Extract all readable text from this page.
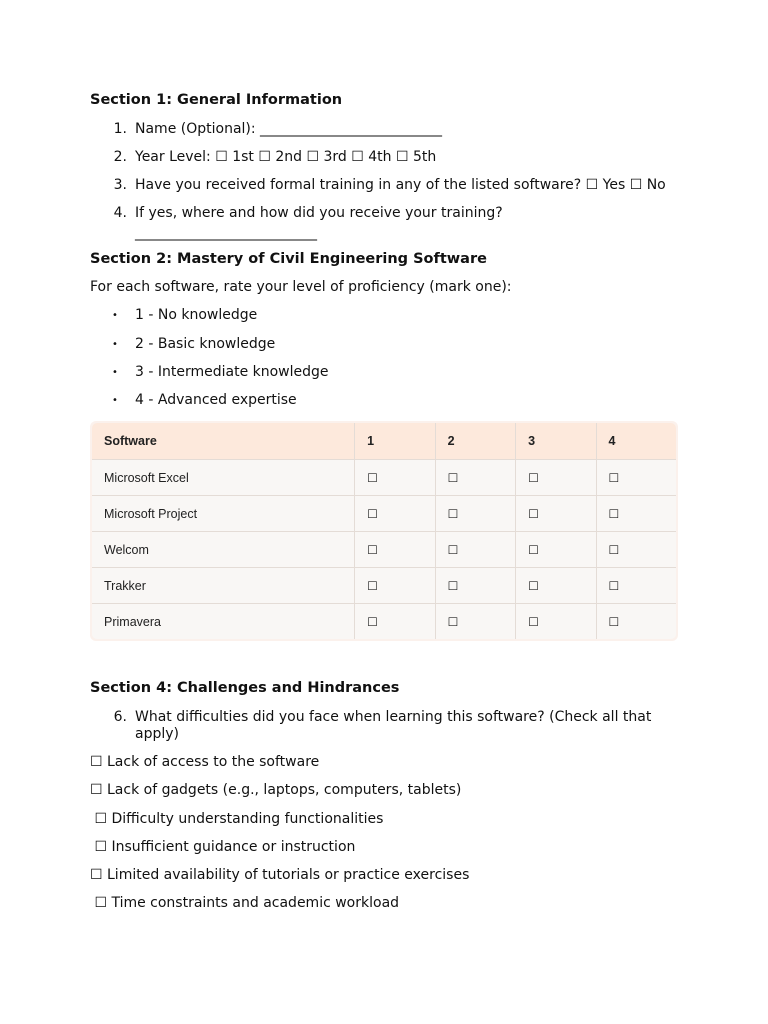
Section 1: General Information
1. Name (Optional): __________________________
2. Year Level: ☐ 1st ☐ 2nd ☐ 3rd ☐ 4th ☐ 5th
3. Have you received formal training in any of the listed software? ☐ Yes ☐ No
4. If yes, where and how did you receive your training?
__________________________
Section 2: Mastery of Civil Engineering Software
For each software, rate your level of proficiency (mark one):
• 1 - No knowledge
• 2 - Basic knowledge
• 3 - Intermediate knowledge
• 4 - Advanced expertise
Software	1	2	3	4
Microsoft Excel	☐	☐	☐	☐
Microsoft Project	☐	☐	☐	☐
Welcom	☐	☐	☐	☐
Trakker	☐	☐	☐	☐
Primavera	☐	☐	☐	☐
Section 4: Challenges and Hindrances
6. What difficulties did you face when learning this software? (Check all that
apply)
☐ Lack of access to the software
☐ Lack of gadgets (e.g., laptops, computers, tablets)
☐ Difficulty understanding functionalities
☐ Insufficient guidance or instruction
☐ Limited availability of tutorials or practice exercises
☐ Time constraints and academic workload
